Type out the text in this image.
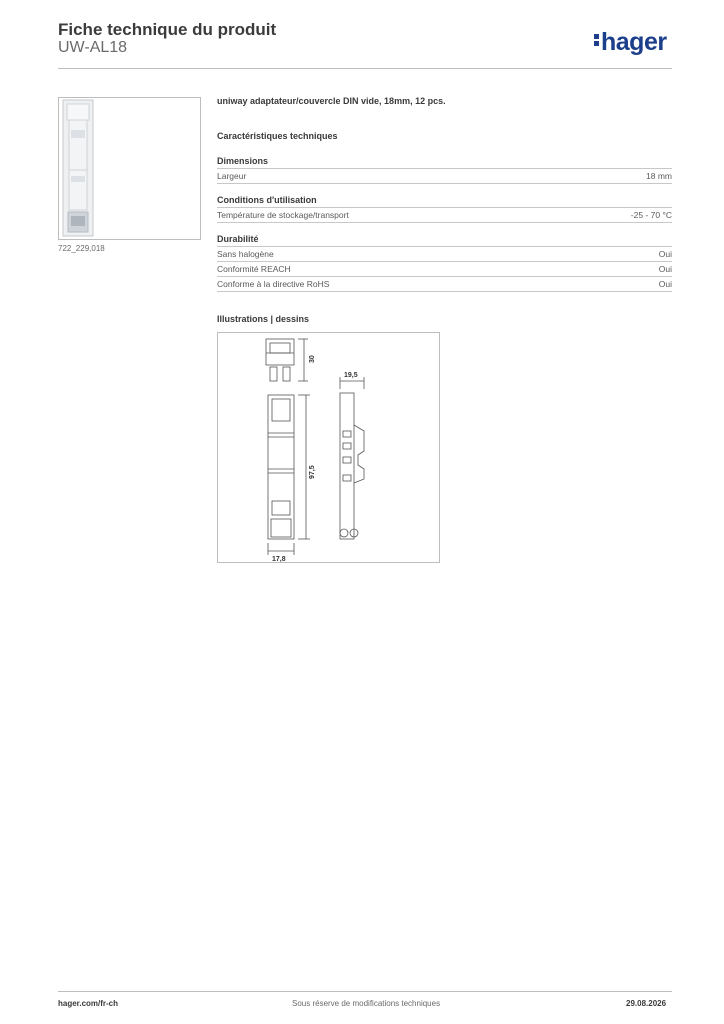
Fiche technique du produit
UW-AL18	hager
722_229,018
uniway adaptateur/couvercle DIN vide, 18mm, 12 pcs.
Caractéristiques techniques
Dimensions
Largeur	18 mm
Conditions d'utilisation
Température de stockage/transport	-25 - 70 °C
Durabilité
Sans halogène	Oui
Conformité REACH	Oui
Conforme à la directive RoHS	Oui
Illustrations | dessins
30
19,5
97,5
17,8
hager.com/fr-ch	Sous réserve de modifications techniques	29.08.2026
